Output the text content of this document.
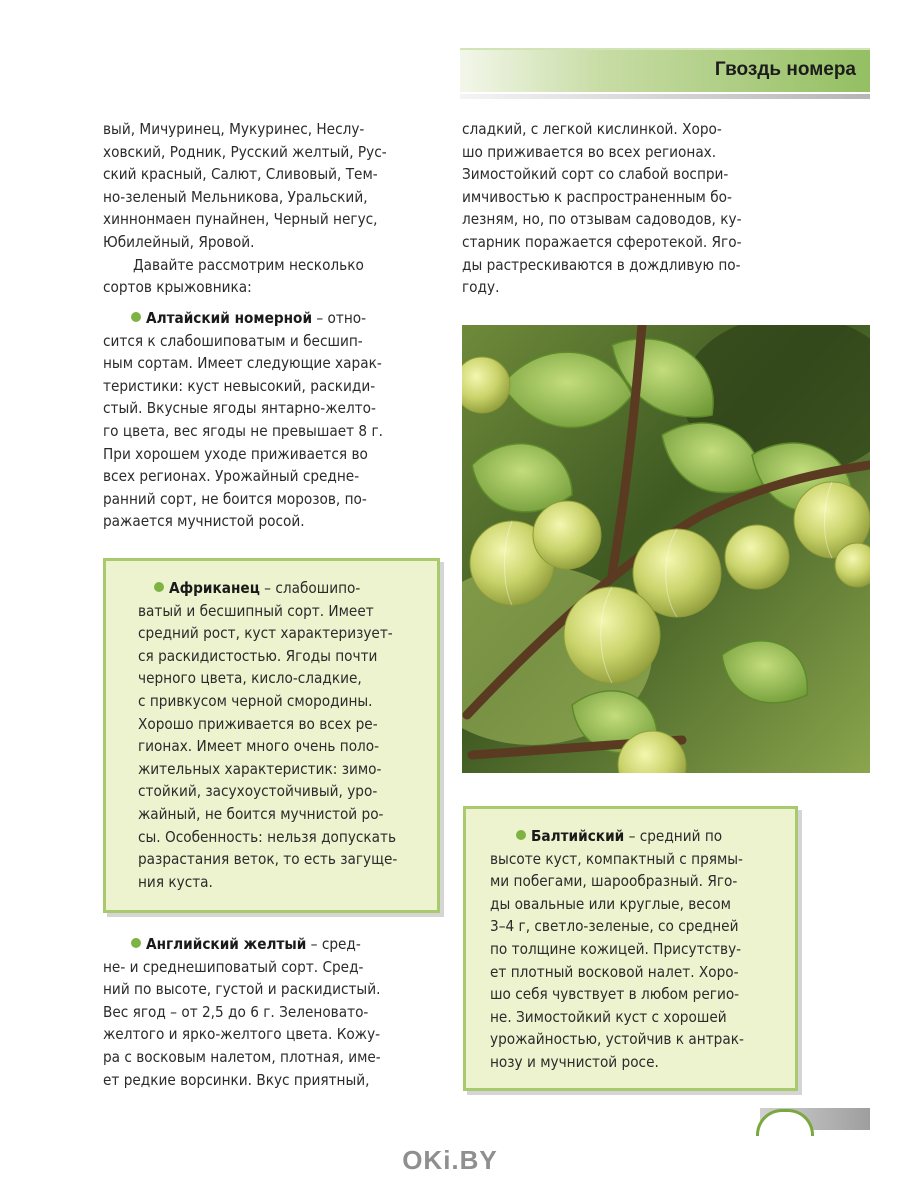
Гвоздь номера

вый, Мичуринец, Мукуринес, Неслу-

ховский, Родник, Русский желтый, Рус-

ский красный, Салют, Сливовый, Тем-

но-зеленый Мельникова, Уральский,

хиннонмаен пунайнен, Черный негус,

Юбилейный, Яровой.

Давайте рассмотрим несколько

сортов крыжовника:

Алтайский номерной – отно-

сится к слабошиповатым и бесшип-

ным сортам. Имеет следующие харак-

теристики: куст невысокий, раскиди-

стый. Вкусные ягоды янтарно-желто-

го цвета, вес ягоды не превышает 8 г.

При хорошем уходе приживается во

всех регионах. Урожайный средне-

ранний сорт, не боится морозов, по-

ражается мучнистой росой.

Африканец – слабошипо-

ватый и бесшипный сорт. Имеет

средний рост, куст характеризует-

ся раскидистостью. Ягоды почти

черного цвета, кисло-сладкие,

с привкусом черной смородины.

Хорошо приживается во всех ре-

гионах. Имеет много очень поло-

жительных характеристик: зимо-

стойкий, засухоустойчивый, уро-

жайный, не боится мучнистой ро-

сы. Особенность: нельзя допускать

разрастания веток, то есть загуще-

ния куста.

Английский желтый – сред-

не- и среднешиповатый сорт. Сред-

ний по высоте, густой и раскидистый.

Вес ягод – от 2,5 до 6 г. Зеленовато-

желтого и ярко-желтого цвета. Кожу-

ра с восковым налетом, плотная, име-

ет редкие ворсинки. Вкус приятный,

сладкий, с легкой кислинкой. Хоро-

шо приживается во всех регионах.

Зимостойкий сорт со слабой воспри-

имчивостью к распространенным бо-

лезням, но, по отзывам садоводов, ку-

старник поражается сферотекой. Яго-

ды растрескиваются в дождливую по-

году.

Балтийский – средний по

высоте куст, компактный с прямы-

ми побегами, шарообразный. Яго-

ды овальные или круглые, весом

3–4 г, светло-зеленые, со средней

по толщине кожицей. Присутству-

ет плотный восковой налет. Хоро-

шо себя чувствует в любом регио-

не. Зимостойкий куст с хорошей

урожайностью, устойчив к антрак-

нозу и мучнистой росе.

OKi.BY
